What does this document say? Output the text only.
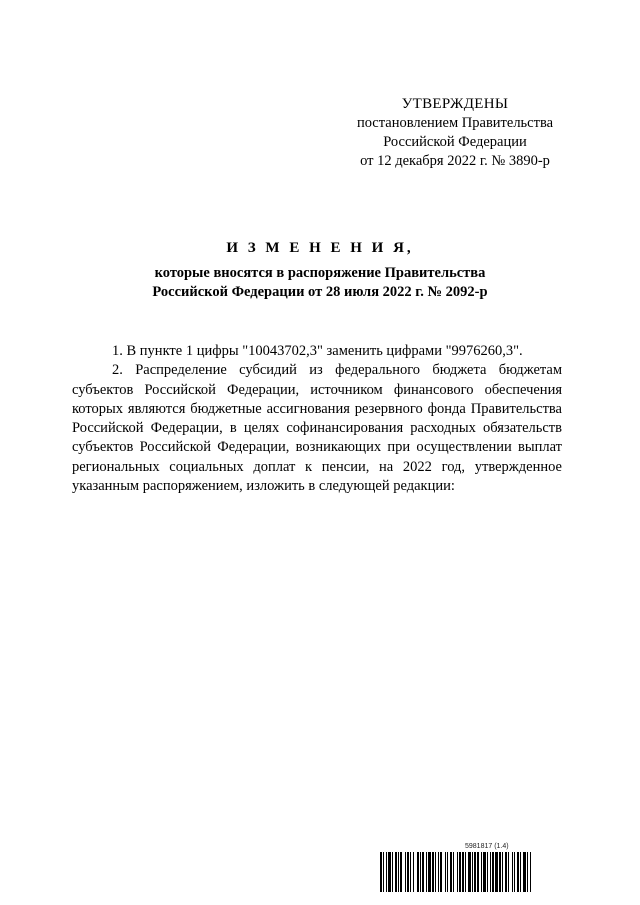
УТВЕРЖДЕНЫ
постановлением Правительства
Российской Федерации
от 12 декабря 2022 г. № 3890-р
И З М Е Н Е Н И Я,
которые вносятся в распоряжение Правительства
Российской Федерации от 28 июля 2022 г. № 2092-р

1. В пункте 1 цифры "10043702,3" заменить цифрами "9976260,3".

2. Распределение субсидий из федерального бюджета бюджетам субъектов Российской Федерации, источником финансового обеспечения которых являются бюджетные ассигнования резервного фонда Правительства Российской Федерации, в целях софинансирования расходных обязательств субъектов Российской Федерации, возникающих при осуществлении выплат региональных социальных доплат к пенсии, на 2022 год, утвержденное указанным распоряжением, изложить в следующей редакции:

5981817 (1.4)
